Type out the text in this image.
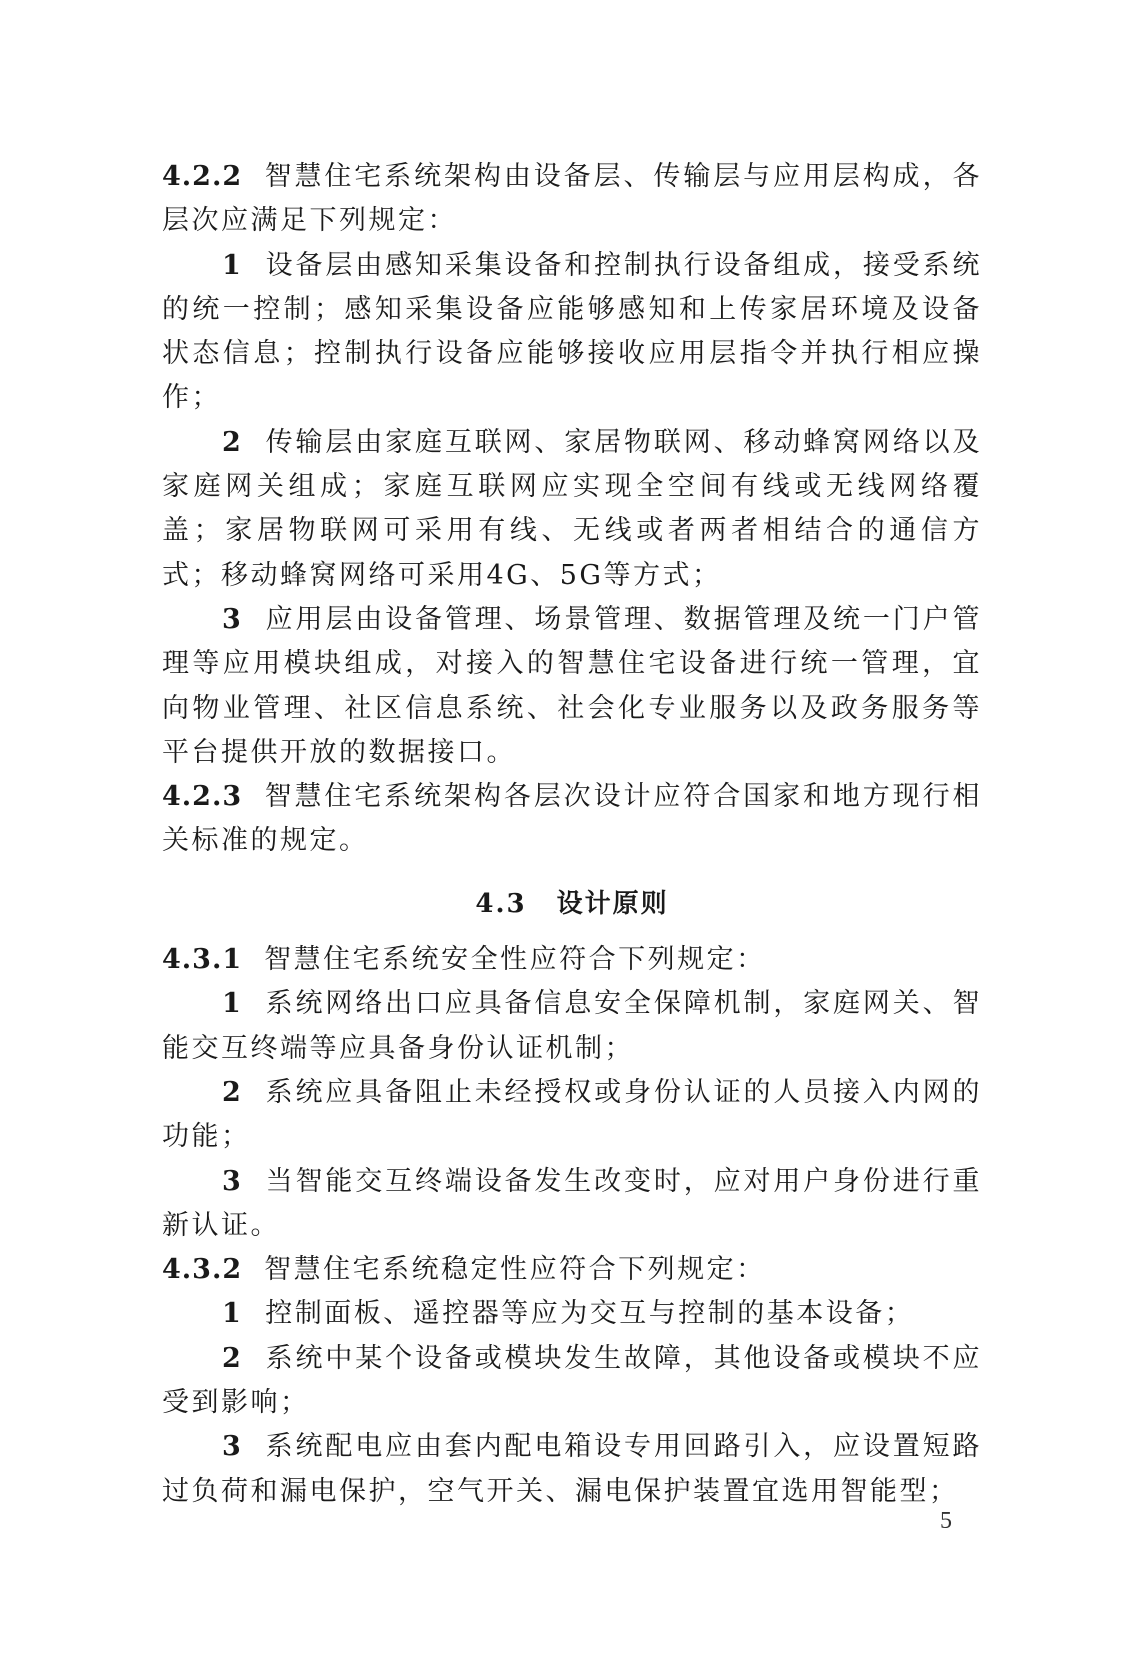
4.2.2 智慧住宅系统架构由设备层、传输层与应用层构成，各层次应满足下列规定：

1 设备层由感知采集设备和控制执行设备组成，接受系统的统一控制；感知采集设备应能够感知和上传家居环境及设备状态信息；控制执行设备应能够接收应用层指令并执行相应操作；

2 传输层由家庭互联网、家居物联网、移动蜂窝网络以及家庭网关组成；家庭互联网应实现全空间有线或无线网络覆盖；家居物联网可采用有线、无线或者两者相结合的通信方式；移动蜂窝网络可采用4G、5G等方式；

3 应用层由设备管理、场景管理、数据管理及统一门户管理等应用模块组成，对接入的智慧住宅设备进行统一管理，宜向物业管理、社区信息系统、社会化专业服务以及政务服务等平台提供开放的数据接口。

4.2.3 智慧住宅系统架构各层次设计应符合国家和地方现行相关标准的规定。

4.3 设计原则

4.3.1 智慧住宅系统安全性应符合下列规定：

1 系统网络出口应具备信息安全保障机制，家庭网关、智能交互终端等应具备身份认证机制；

2 系统应具备阻止未经授权或身份认证的人员接入内网的功能；

3 当智能交互终端设备发生改变时，应对用户身份进行重新认证。

4.3.2 智慧住宅系统稳定性应符合下列规定：

1 控制面板、遥控器等应为交互与控制的基本设备；

2 系统中某个设备或模块发生故障，其他设备或模块不应受到影响；

3 系统配电应由套内配电箱设专用回路引入，应设置短路过负荷和漏电保护，空气开关、漏电保护装置宜选用智能型；

5
